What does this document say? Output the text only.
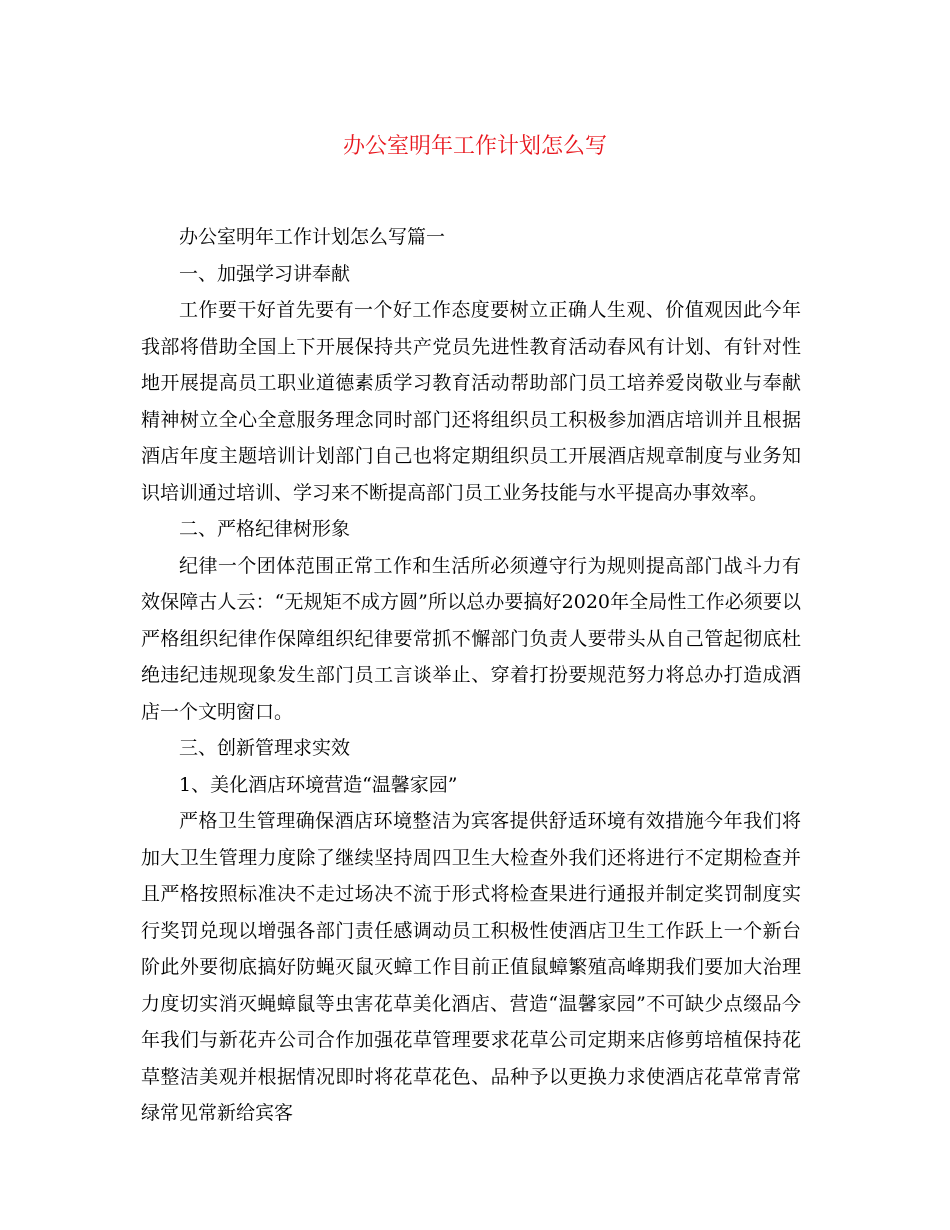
办公室明年工作计划怎么写

办公室明年工作计划怎么写篇一

一、加强学习讲奉献

工作要干好首先要有一个好工作态度要树立正确人生观、价值观因此今年我部将借助全国上下开展保持共产党员先进性教育活动春风有计划、有针对性地开展提高员工职业道德素质学习教育活动帮助部门员工培养爱岗敬业与奉献精神树立全心全意服务理念同时部门还将组织员工积极参加酒店培训并且根据酒店年度主题培训计划部门自己也将定期组织员工开展酒店规章制度与业务知识培训通过培训、学习来不断提高部门员工业务技能与水平提高办事效率。

二、严格纪律树形象

纪律一个团体范围正常工作和生活所必须遵守行为规则提高部门战斗力有效保障古人云：“无规矩不成方圆”所以总办要搞好2020年全局性工作必须要以严格组织纪律作保障组织纪律要常抓不懈部门负责人要带头从自己管起彻底杜绝违纪违规现象发生部门员工言谈举止、穿着打扮要规范努力将总办打造成酒店一个文明窗口。

三、创新管理求实效

1、美化酒店环境营造“温馨家园”

严格卫生管理确保酒店环境整洁为宾客提供舒适环境有效措施今年我们将加大卫生管理力度除了继续坚持周四卫生大检查外我们还将进行不定期检查并且严格按照标准决不走过场决不流于形式将检查果进行通报并制定奖罚制度实行奖罚兑现以增强各部门责任感调动员工积极性使酒店卫生工作跃上一个新台阶此外要彻底搞好防蝇灭鼠灭蟑工作目前正值鼠蟑繁殖高峰期我们要加大治理力度切实消灭蝇蟑鼠等虫害花草美化酒店、营造“温馨家园”不可缺少点缀品今年我们与新花卉公司合作加强花草管理要求花草公司定期来店修剪培植保持花草整洁美观并根据情况即时将花草花色、品种予以更换力求使酒店花草常青常绿常见常新给宾客
